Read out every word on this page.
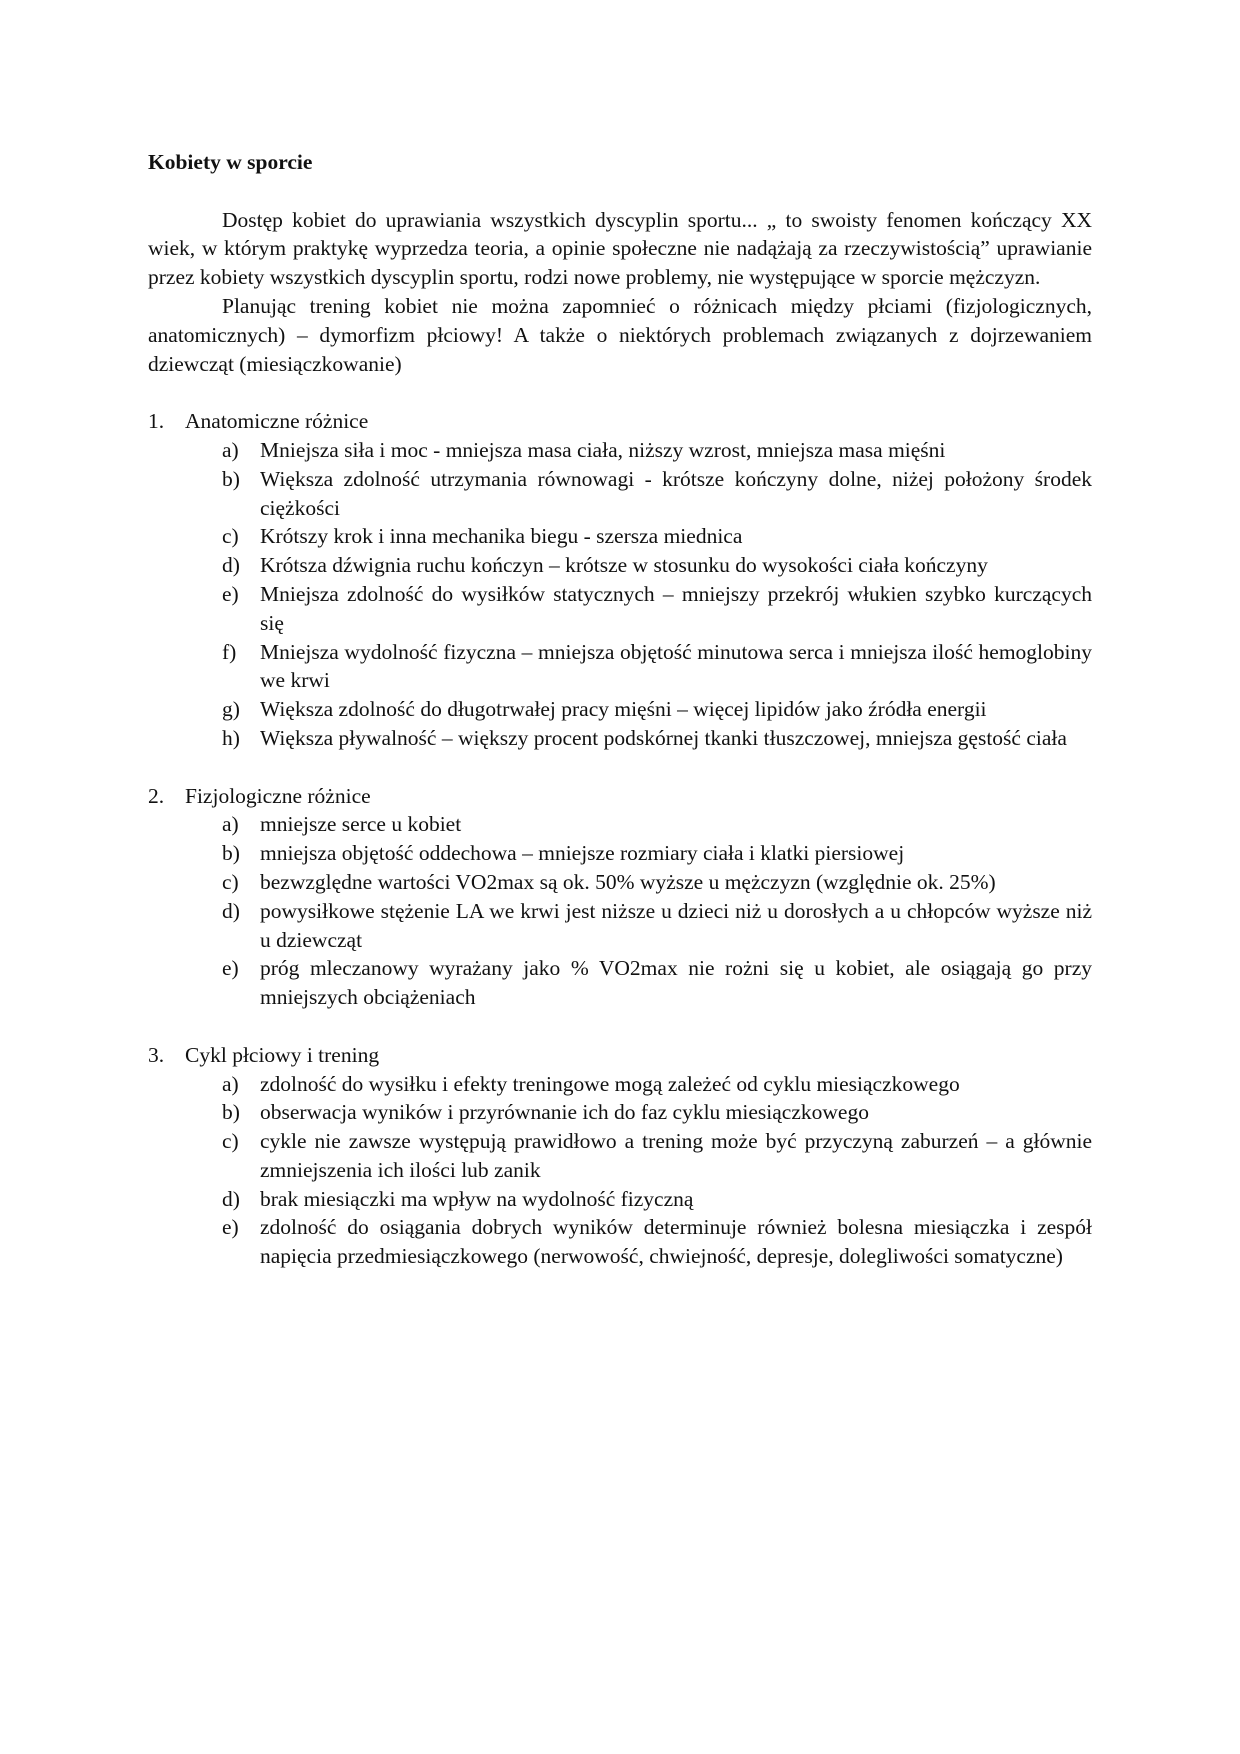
Kobiety w sporcie

Dostęp kobiet do uprawiania wszystkich dyscyplin sportu... „ to swoisty fenomen kończący XX wiek, w którym praktykę wyprzedza teoria, a opinie społeczne nie nadążają za rzeczywistością” uprawianie przez kobiety wszystkich dyscyplin sportu, rodzi nowe problemy, nie występujące w sporcie mężczyzn.

Planując trening kobiet nie można zapomnieć o różnicach między płciami (fizjologicznych, anatomicznych) – dymorfizm płciowy! A także o niektórych problemach związanych z dojrzewaniem dziewcząt (miesiączkowanie)

1. Anatomiczne różnice
a) Mniejsza siła i moc - mniejsza masa ciała, niższy wzrost, mniejsza masa mięśni
b) Większa zdolność utrzymania równowagi - krótsze kończyny dolne, niżej położony środek ciężkości
c) Krótszy krok i inna mechanika biegu - szersza miednica
d) Krótsza dźwignia ruchu kończyn – krótsze w stosunku do wysokości ciała kończyny
e) Mniejsza zdolność do wysiłków statycznych – mniejszy przekrój włukien szybko kurczących się
f)	Mniejsza wydolność fizyczna – mniejsza objętość minutowa serca i mniejsza ilość hemoglobiny we krwi
g) Większa zdolność do długotrwałej pracy mięśni – więcej lipidów jako źródła energii
h) Większa pływalność – większy procent podskórnej tkanki tłuszczowej, mniejsza gęstość ciała
2. Fizjologiczne różnice
a) mniejsze serce u kobiet
b) mniejsza objętość oddechowa – mniejsze rozmiary ciała i klatki piersiowej
c) bezwzględne wartości VO2max są ok. 50% wyższe u mężczyzn (względnie ok. 25%)
d) powysiłkowe stężenie LA we krwi jest niższe u dzieci niż u dorosłych a u chłopców wyższe niż u dziewcząt
e) próg mleczanowy wyrażany jako % VO2max nie rożni się u kobiet, ale osiągają go przy mniejszych obciążeniach
3. Cykl płciowy i trening
a) zdolność do wysiłku i efekty treningowe mogą zależeć od cyklu miesiączkowego
b) obserwacja wyników i przyrównanie ich do faz cyklu miesiączkowego
c) cykle nie zawsze występują prawidłowo a trening może być przyczyną zaburzeń – a głównie zmniejszenia ich ilości lub zanik
d) brak miesiączki ma wpływ na wydolność fizyczną
e) zdolność do osiągania dobrych wyników determinuje również bolesna miesiączka i zespół napięcia przedmiesiączkowego (nerwowość, chwiejność, depresje, dolegliwości somatyczne)
